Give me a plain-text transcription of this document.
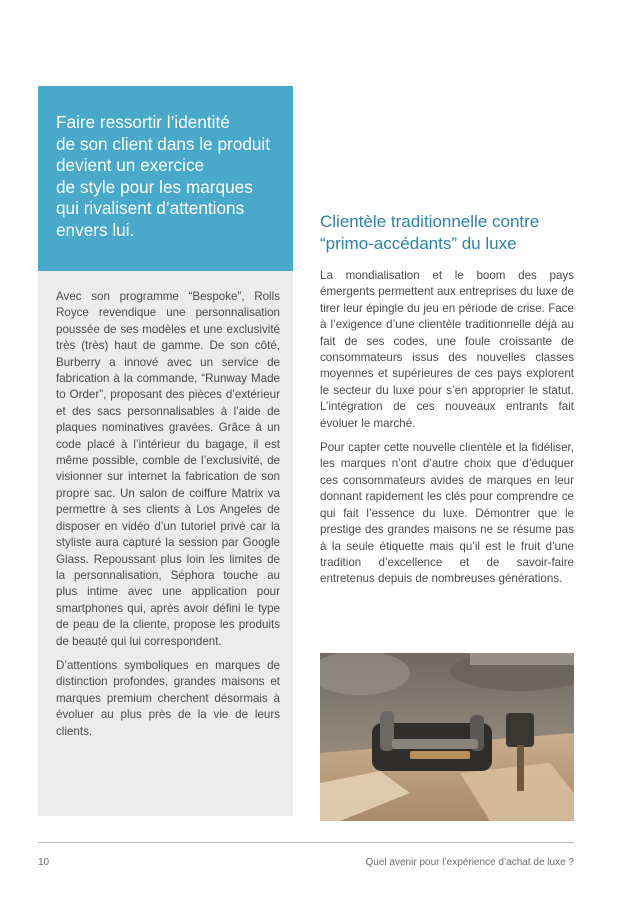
Faire ressortir l’identité
de son client dans le produit
devient un exercice
de style pour les marques
qui rivalisent d’attentions
envers lui.

Avec son programme “Bespoke”, Rolls Royce revendique une personnalisation poussée de ses modèles et une exclusivité très (très) haut de gamme. De son côté, Burberry a innové avec un service de fabrication à la commande, “Runway Made to Order”, proposant des pièces d’extérieur et des sacs personnalisables à l’aide de plaques nominatives gravées. Grâce à un code placé à l’intérieur du bagage, il est même possible, comble de l’exclusivité, de visionner sur internet la fabrication de son propre sac. Un salon de coiffure Matrix va permettre à ses clients à Los Angeles de disposer en vidéo d’un tutoriel privé car la styliste aura capturé la session par Google Glass. Repoussant plus loin les limites de la personnalisation, Séphora touche au plus intime avec une application pour smartphones qui, après avoir défini le type de peau de la cliente, propose les produits de beauté qui lui correspondent.

D’attentions symboliques en marques de distinction profondes, grandes maisons et marques premium cherchent désormais à évoluer au plus près de la vie de leurs clients.

Clientèle traditionnelle contre
“primo-accédants” du luxe

La mondialisation et le boom des pays émergents permettent aux entreprises du luxe de tirer leur épingle du jeu en période de crise. Face à l’exigence d’une clientèle traditionnelle déjà au fait de ses codes, une foule croissante de consommateurs issus des nouvelles classes moyennes et supérieures de ces pays explorent le secteur du luxe pour s’en approprier le statut. L’intégration de ces nouveaux entrants fait évoluer le marché.

Pour capter cette nouvelle clientèle et la fidéliser, les marques n’ont d’autre choix que d’éduquer ces consommateurs avides de marques en leur donnant rapidement les clés pour comprendre ce qui fait l’essence du luxe. Démontrer que le prestige des grandes maisons ne se résume pas à la seule étiquette mais qu’il est le fruit d’une tradition d’excellence et de savoir-faire entretenus depuis de nombreuses générations.

10	Quel avenir pour l’expérience d’achat de luxe ?
